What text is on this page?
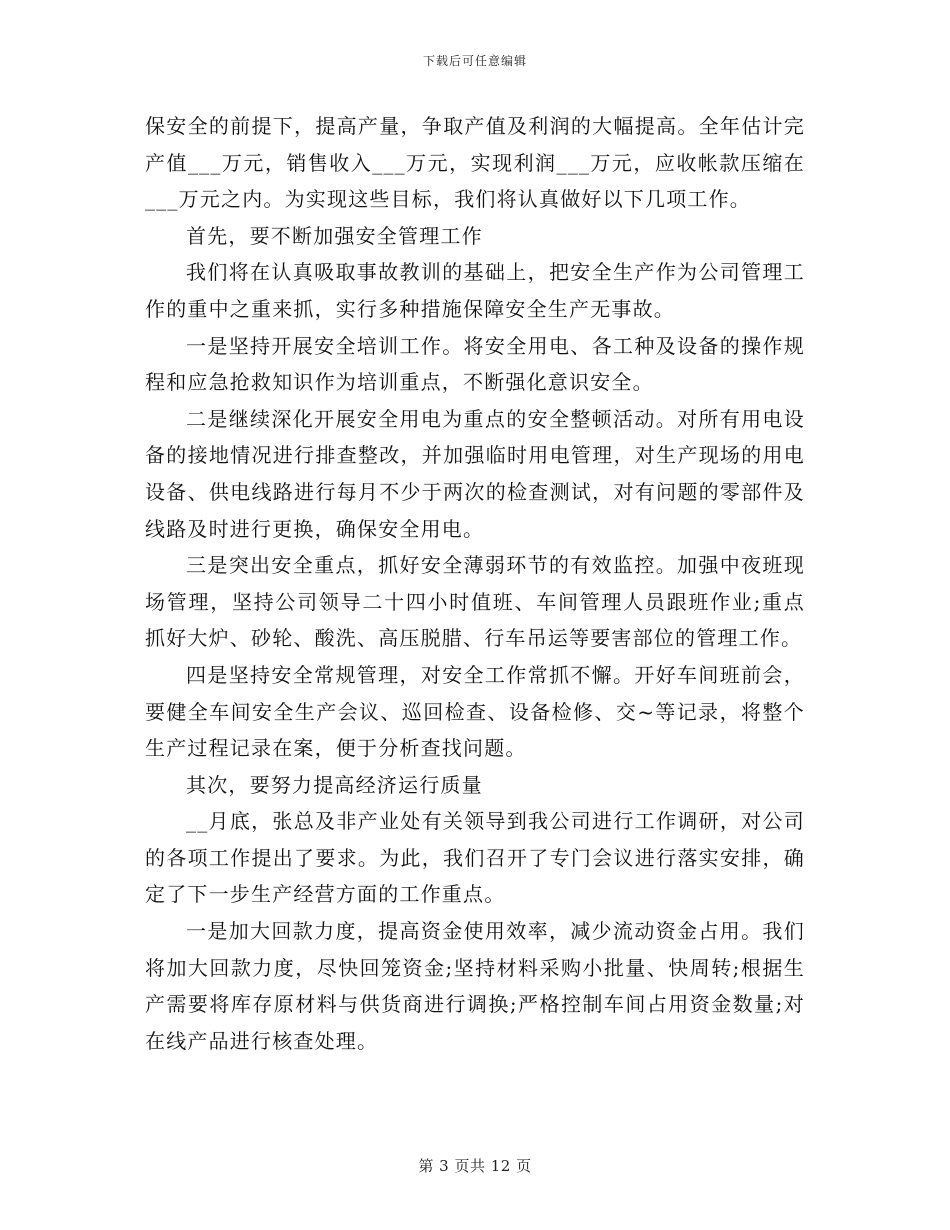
下载后可任意编辑

保安全的前提下，提高产量，争取产值及利润的大幅提高。全年估计完产值___万元，销售收入___万元，实现利润___万元，应收帐款压缩在___万元之内。为实现这些目标，我们将认真做好以下几项工作。

首先，要不断加强安全管理工作

我们将在认真吸取事故教训的基础上，把安全生产作为公司管理工作的重中之重来抓，实行多种措施保障安全生产无事故。

一是坚持开展安全培训工作。将安全用电、各工种及设备的操作规程和应急抢救知识作为培训重点，不断强化意识安全。

二是继续深化开展安全用电为重点的安全整顿活动。对所有用电设备的接地情况进行排查整改，并加强临时用电管理，对生产现场的用电设备、供电线路进行每月不少于两次的检查测试，对有问题的零部件及线路及时进行更换，确保安全用电。

三是突出安全重点，抓好安全薄弱环节的有效监控。加强中夜班现场管理，坚持公司领导二十四小时值班、车间管理人员跟班作业;重点抓好大炉、砂轮、酸洗、高压脱腊、行车吊运等要害部位的管理工作。

四是坚持安全常规管理，对安全工作常抓不懈。开好车间班前会，要健全车间安全生产会议、巡回检查、设备检修、交~等记录，将整个生产过程记录在案，便于分析查找问题。

其次，要努力提高经济运行质量

__月底，张总及非产业处有关领导到我公司进行工作调研，对公司的各项工作提出了要求。为此，我们召开了专门会议进行落实安排，确定了下一步生产经营方面的工作重点。

一是加大回款力度，提高资金使用效率，减少流动资金占用。我们将加大回款力度，尽快回笼资金;坚持材料采购小批量、快周转;根据生产需要将库存原材料与供货商进行调换;严格控制车间占用资金数量;对在线产品进行核查处理。

第 3 页共 12 页
